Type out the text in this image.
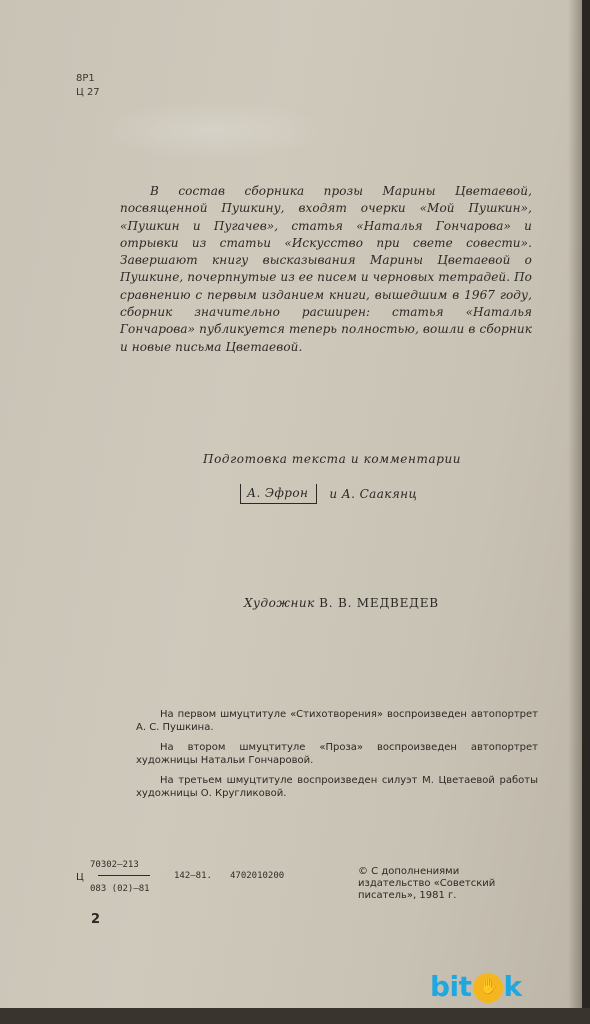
8Р1
Ц 27
В состав сборника прозы Марины Цветаевой, посвященной Пушкину, входят очерки «Мой Пушкин», «Пушкин и Пугачев», статья «Наталья Гончарова» и отрывки из статьи «Искусство при свете совести». Завершают книгу высказывания Марины Цветаевой о Пушкине, почерпнутые из ее писем и черновых тетрадей. По сравнению с первым изданием книги, вышедшим в 1967 году, сборник значительно расширен: статья «Наталья Гончарова» публикуется теперь полностью, вошли в сборник и новые письма Цветаевой.
Подготовка текста и комментарии
А. Эфрон	и А. Саакянц
Художник В. В. МЕДВЕДЕВ

На первом шмуцтитуле «Стихотворения» воспроизведен автопортрет А. С. Пушкина.

На втором шмуцтитуле «Проза» воспроизведен автопортрет художницы Натальи Гончаровой.

На третьем шмуцтитуле воспроизведен силуэт М. Цветаевой работы художницы О. Кругликовой.

Ц
70302—213
083 (02)—81
142—81. 4702010200	© С дополнениями издательство «Советский писатель», 1981 г.
2
bit
✋ k
